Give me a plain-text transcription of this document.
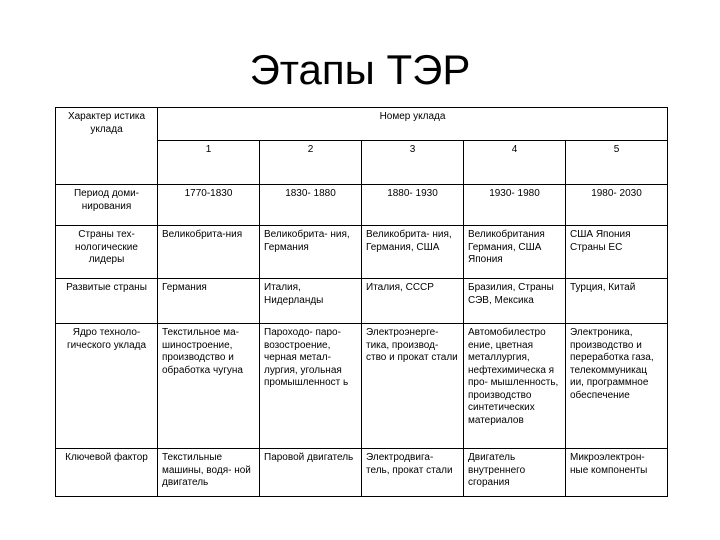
Этапы ТЭР
Характер истика уклада	Номер уклада				
	1	2	3	4	5
Период доми- нирования	1770-1830	1830- 1880	1880- 1930	1930- 1980	1980- 2030
Страны тех- нологические лидеры	Великобрита-ния	Великобрита- ния, Германия	Великобрита- ния, Германия, США	Великобритания Германия, США Япония	США Япония Страны ЕС
Развитые страны	Германия	Италия, Нидерланды	Италия, СССР	Бразилия, Страны СЭВ, Мексика	Турция, Китай
Ядро техноло- гического уклада	Текстильное ма- шиностроение, производство и обработка чугуна	Пароходо- паро- возостроение, черная метал- лургия, угольная промышленност ь	Электроэнерге- тика, производ- ство и прокат стали	Автомобилестро ение, цветная металлургия, нефтехимическа я про- мышленность, производство синтетических материалов	Электроника, производство и переработка газа, телекоммуникац ии, программное обеспечение
Ключевой фактор	Текстильные машины, водя- ной двигатель	Паровой двигатель	Электродвига- тель, прокат стали	Двигатель внутреннего сгорания	Микроэлектрон- ные компоненты
